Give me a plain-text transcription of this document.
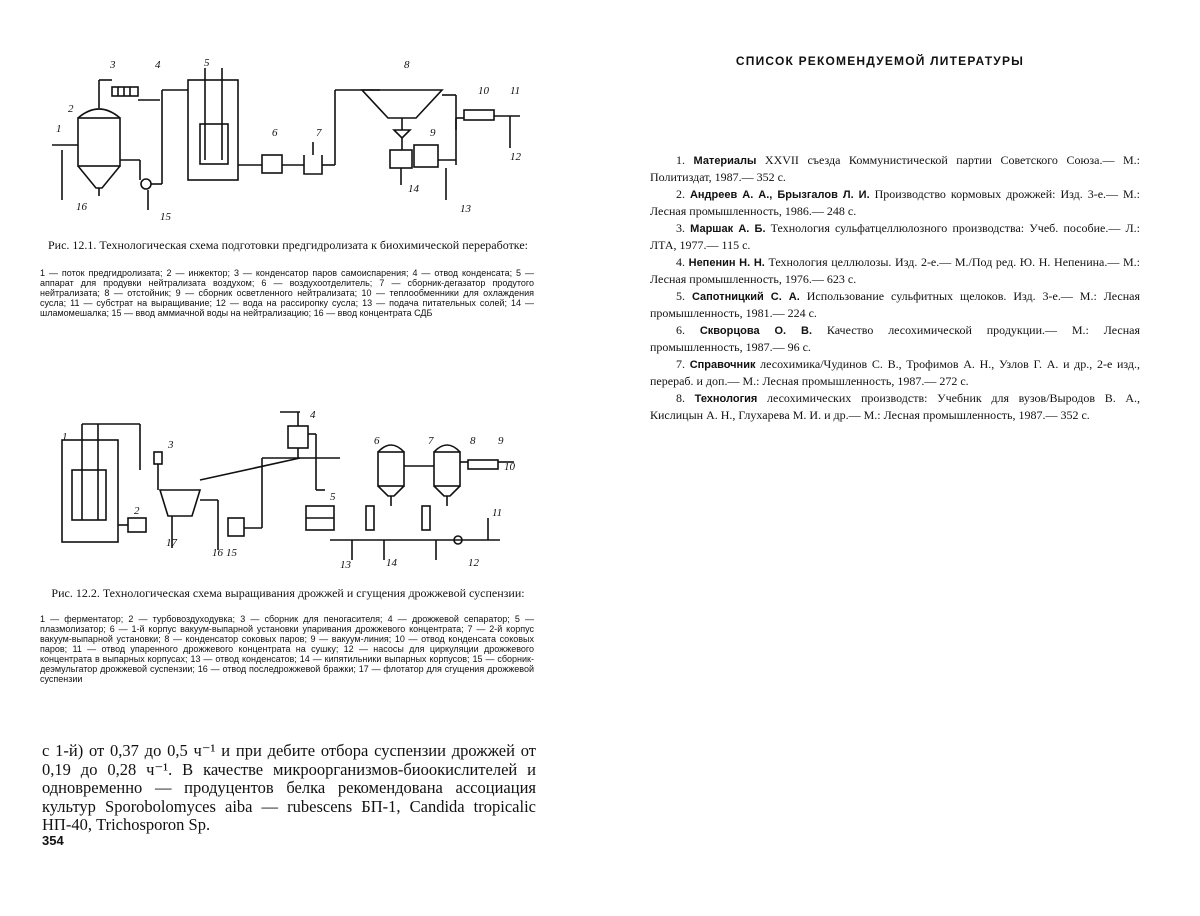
1
2
3	4	5
6	7
8
9
10 11
12
13
14
15
16
Рис. 12.1. Технологическая схема подготовки предгидролизата к биохимической переработке:
1 — поток предгидролизата; 2 — инжектор; 3 — конденсатор паров самоиспарения; 4 — отвод конденсата; 5 — аппарат для продувки нейтрализата воздухом; 6 — воздухоотделитель; 7 — сборник-дегазатор продутого нейтрализата; 8 — отстойник; 9 — сборник осветленного нейтрализата; 10 — теплообменники для охлаждения сусла; 11 — субстрат на выращивание; 12 — вода на рассиропку сусла; 13 — подача питательных солей; 14 — шламомешалка; 15 — ввод аммиачной воды на нейтрализацию; 16 — ввод концентрата СДБ
1
2
3
4
5
6	7	8 9
10
11
12
13	14
15
16
17
Рис. 12.2. Технологическая схема выращивания дрожжей и сгущения дрожжевой суспензии:
1 — ферментатор; 2 — турбовоздуходувка; 3 — сборник для пеногасителя; 4 — дрожжевой сепаратор; 5 — плазмолизатор; 6 — 1-й корпус вакуум-выпарной установки упаривания дрожжевого концентрата; 7 — 2-й корпус вакуум-выпарной установки; 8 — конденсатор соковых паров; 9 — вакуум-линия; 10 — отвод конденсата соковых паров; 11 — отвод упаренного дрожжевого концентрата на сушку; 12 — насосы для циркуляции дрожжевого концентрата в выпарных корпусах; 13 — отвод конденсатов; 14 — кипятильники выпарных корпусов; 15 — сборник-деэмульгатор дрожжевой суспензии; 16 — отвод последрожжевой бражки; 17 — флотатор для сгущения дрожжевой суспензии
с 1-й) от 0,37 до 0,5 ч⁻¹ и при дебите отбора суспензии дрожжей от 0,19 до 0,28 ч⁻¹. В качестве микроорганизмов-биоокислителей и одновременно — продуцентов белка рекомендована ассоциация культур Sporobolomyces aiba — rubescens БП-1, Candida tropicalic НП-40, Trichosporon Sp.
354
СПИСОК РЕКОМЕНДУЕМОЙ ЛИТЕРАТУРЫ
1. Материалы XXVII съезда Коммунистической партии Советского Союза.— М.: Политиздат, 1987.— 352 с.
2. Андреев А. А., Брызгалов Л. И. Производство кормовых дрожжей: Изд. 3-е.— М.: Лесная промышленность, 1986.— 248 с.
3. Маршак А. Б. Технология сульфатцеллюлозного производства: Учеб. пособие.— Л.: ЛТА, 1977.— 115 с.
4. Непенин Н. Н. Технология целлюлозы. Изд. 2-е.— М./Под ред. Ю. Н. Непенина.— М.: Лесная промышленность, 1976.— 623 с.
5. Сапотницкий С. А. Использование сульфитных щелоков. Изд. 3-е.— М.: Лесная промышленность, 1981.— 224 с.
6. Скворцова О. В. Качество лесохимической продукции.— М.: Лесная промышленность, 1987.— 96 с.
7. Справочник лесохимика/Чудинов С. В., Трофимов А. Н., Узлов Г. А. и др., 2-е изд., перераб. и доп.— М.: Лесная промышленность, 1987.— 272 с.
8. Технология лесохимических производств: Учебник для вузов/Выродов В. А., Кислицын А. Н., Глухарева М. И. и др.— М.: Лесная промышленность, 1987.— 352 с.
